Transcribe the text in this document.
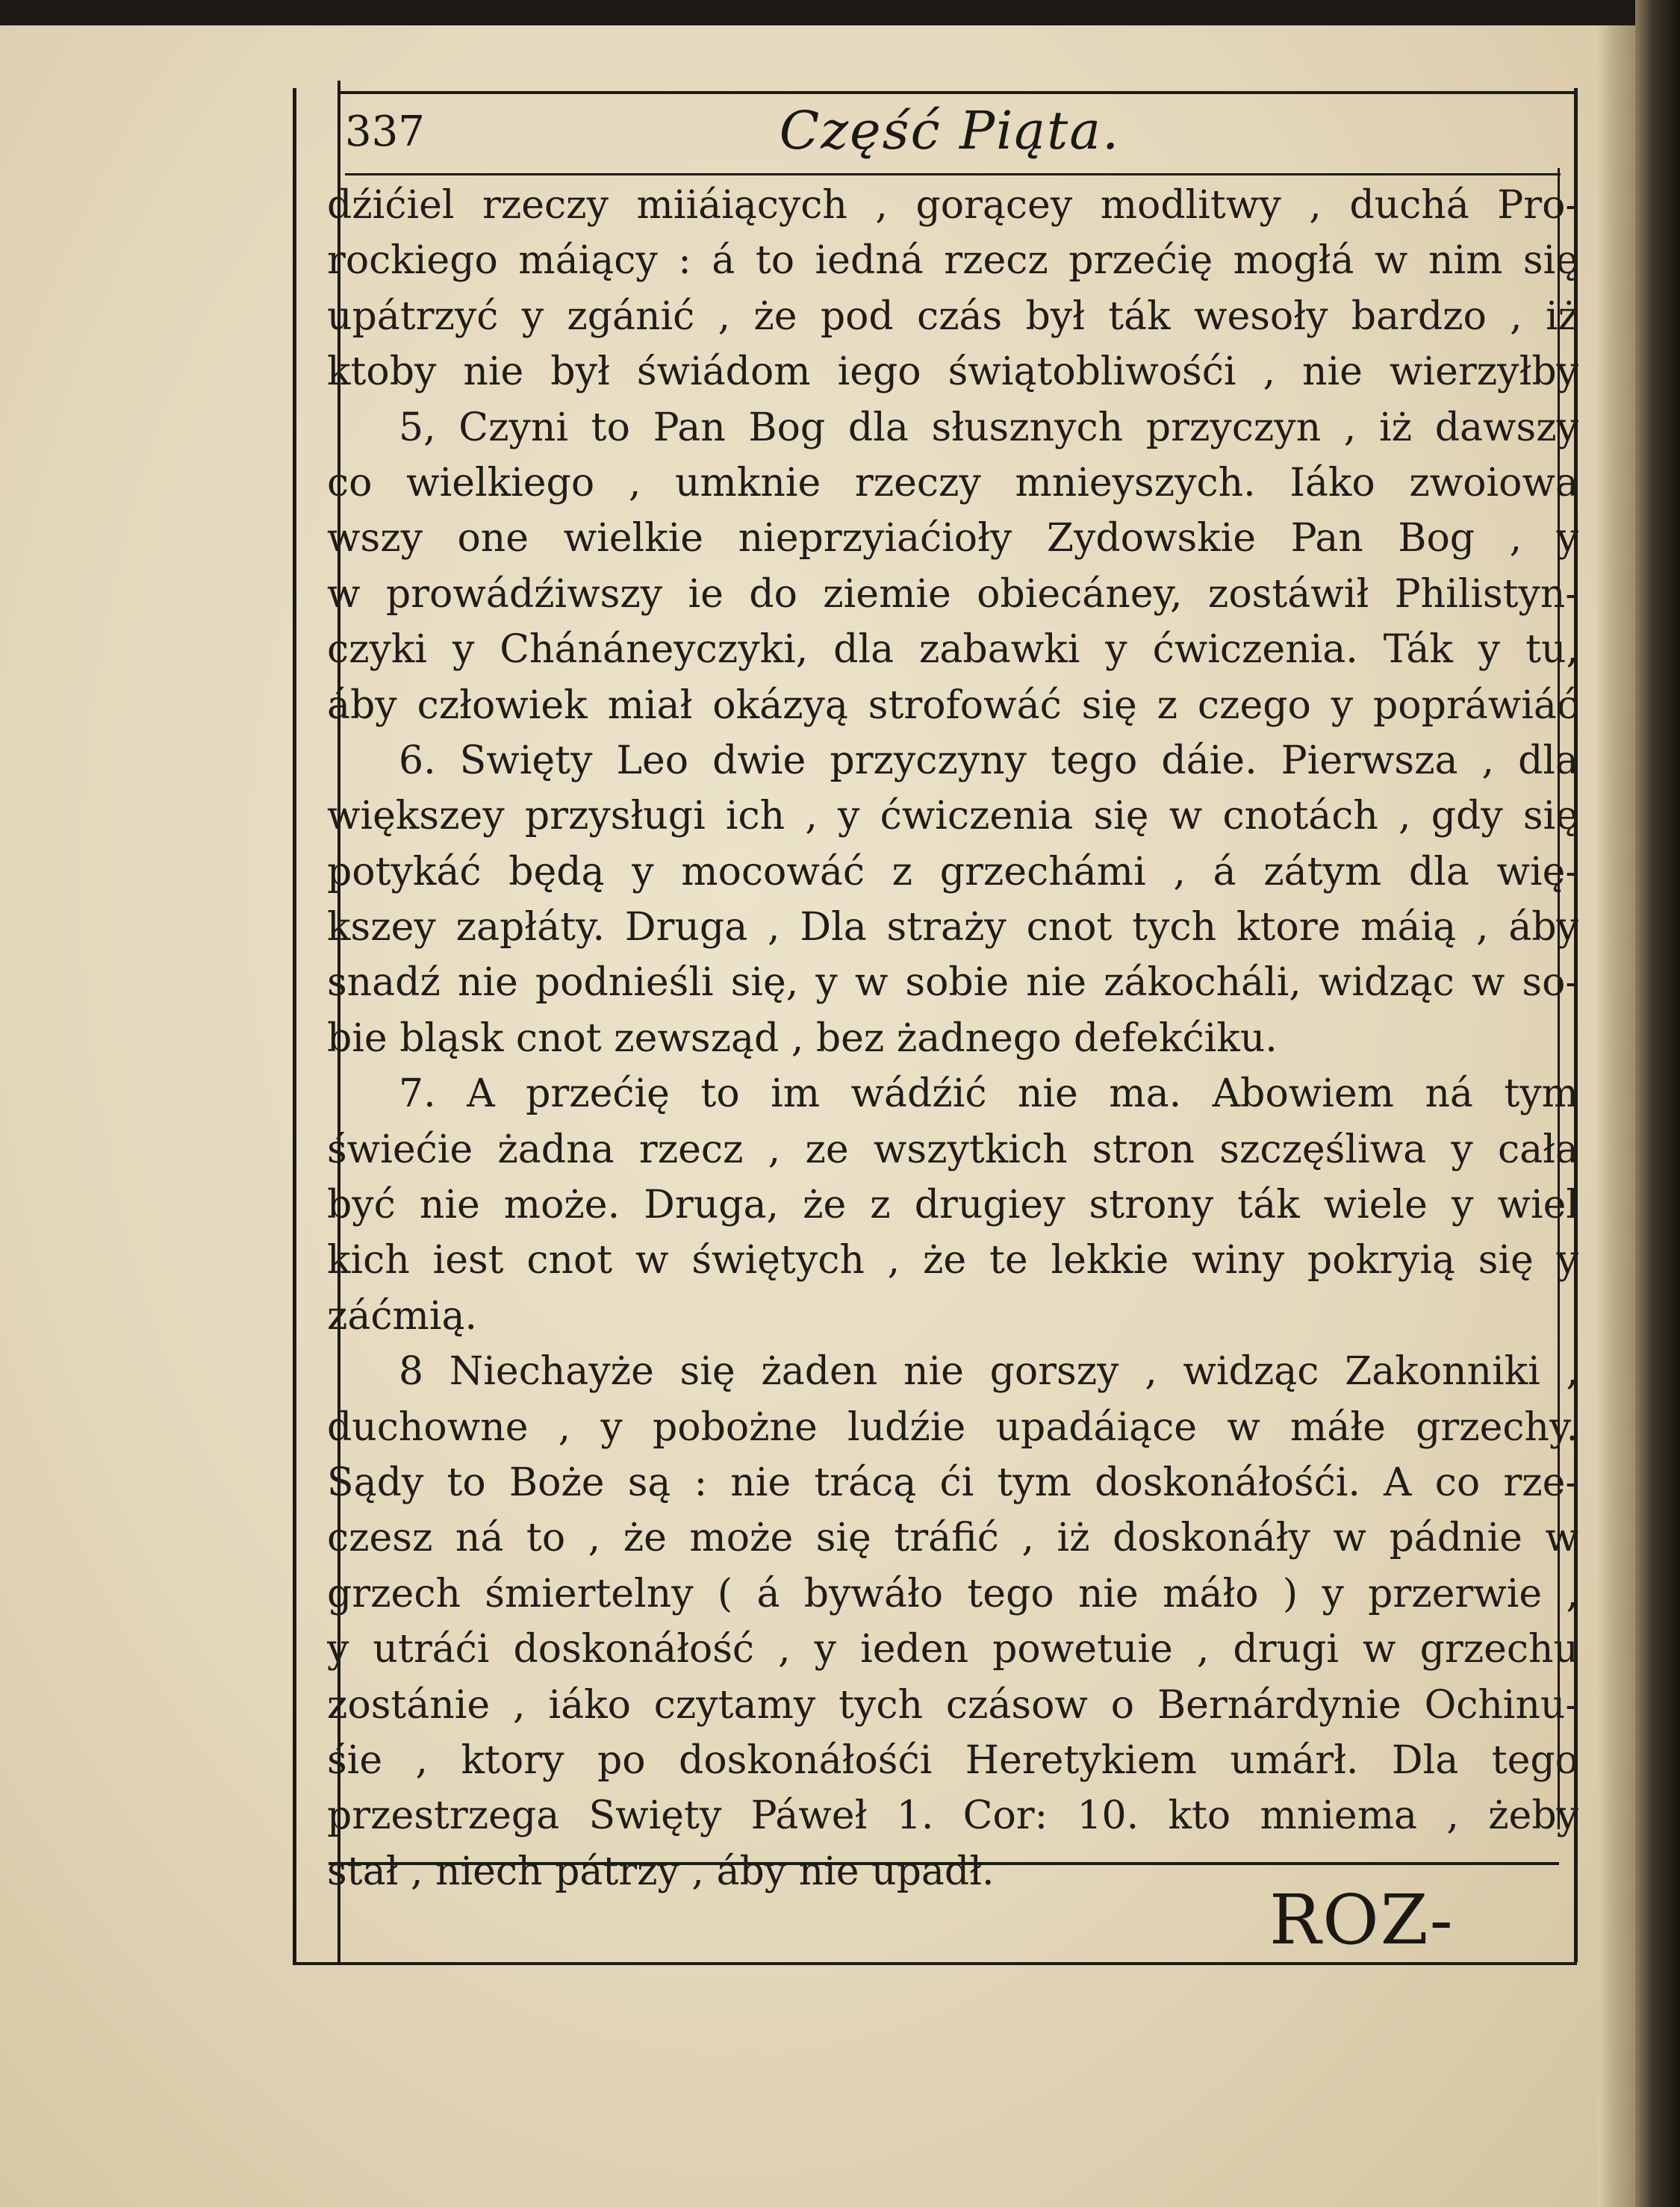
337	Część Piąta.
dźićiel rzeczy miiáiących , gorącey modlitwy , duchá Pro-
rockiego máiący : á to iedná rzecz przećię mogłá w nim się
upátrzyć y zgánić , że pod czás był ták wesoły bardzo , iż
ktoby nie był świádom iego świątobliwośći , nie wierzyłby
5, Czyni to Pan Bog dla słusznych przyczyn , iż dawszy
co wielkiego , umknie rzeczy mnieyszych. Iáko zwoiowa
wszy one wielkie nieprzyiaćioły Zydowskie Pan Bog , y
w prowádźiwszy ie do ziemie obiecáney, zostáwił Philistyn-
czyki y Chánáneyczyki, dla zabawki y ćwiczenia. Ták y tu,
áby człowiek miał okázyą strofowáć się z czego y popráwiáć
6. Swięty Leo dwie przyczyny tego dáie. Pierwsza , dla
większey przysługi ich , y ćwiczenia się w cnotách , gdy się
potykáć będą y mocowáć z grzechámi , á zátym dla wię-
kszey zapłáty. Druga , Dla straży cnot tych ktore máią , áby
snadź nie podnieśli się, y w sobie nie zákocháli, widząc w so-
bie bląsk cnot zewsząd , bez żadnego defekćiku.
7. A przećię to im wádźić nie ma. Abowiem ná tym
świećie żadna rzecz , ze wszytkich stron szczęśliwa y cała
być nie może. Druga, że z drugiey strony ták wiele y wiel
kich iest cnot w świętych , że te lekkie winy pokryią się y
záćmią.
8 Niechayże się żaden nie gorszy , widząc Zakonniki ,
duchowne , y pobożne ludźie upadáiące w máłe grzechy.
Sądy to Boże są : nie trácą ći tym doskonáłośći. A co rze-
czesz ná to , że może się tráfić , iż doskonáły w pádnie w
grzech śmiertelny ( á bywáło tego nie máło ) y przerwie ,
y utráći doskonáłość , y ieden powetuie , drugi w grzechu
zostánie , iáko czytamy tych czásow o Bernárdynie Ochinu-
śie , ktory po doskonáłośći Heretykiem umárł. Dla tego
przestrzega Swięty Páweł 1. Cor: 10. kto mniema , żeby
stał , niech pátrzy , áby nie upadł.
ROZ-
